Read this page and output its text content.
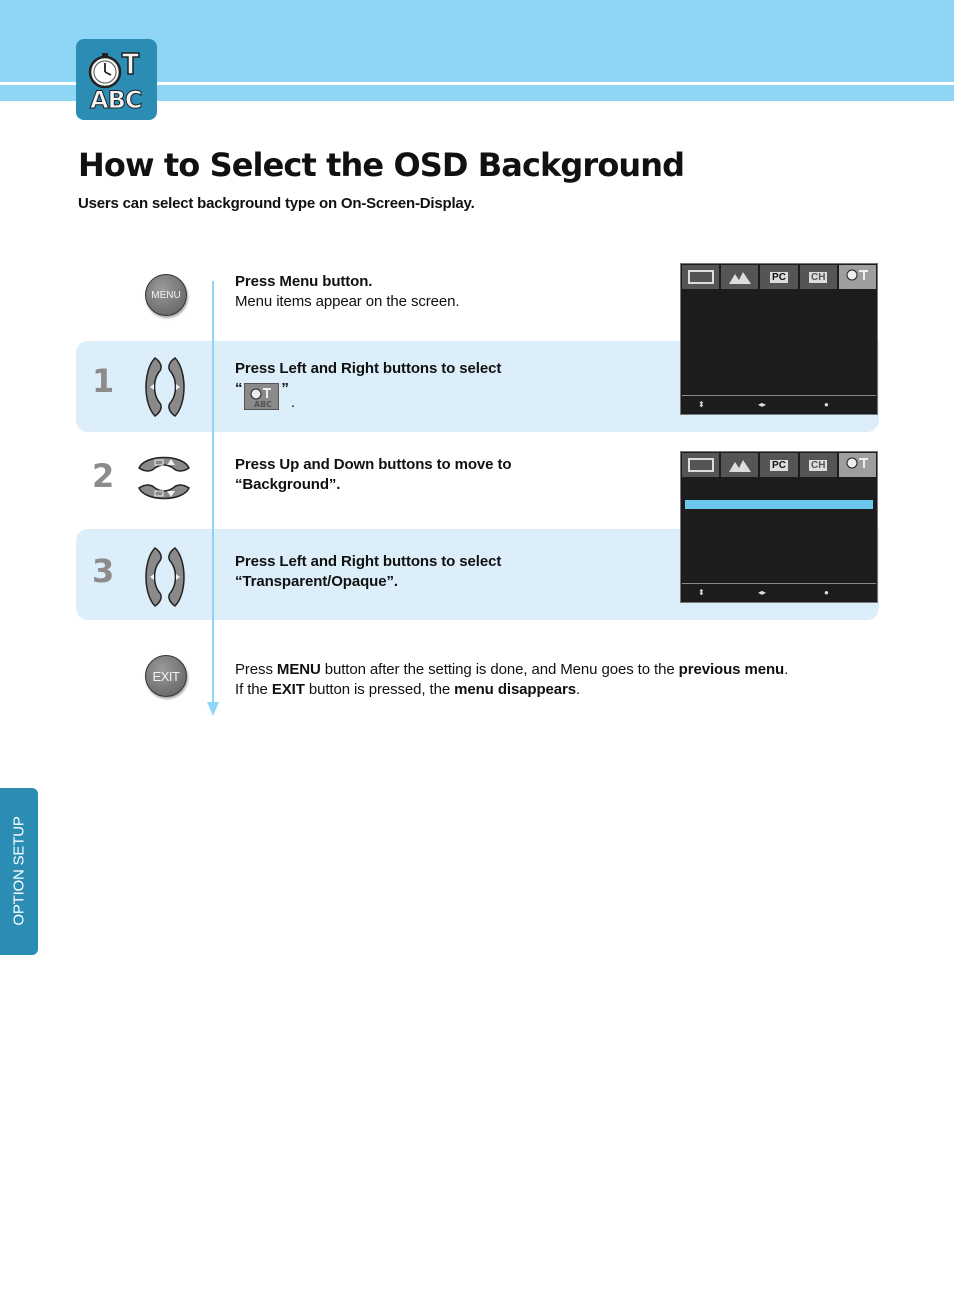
ABC
How to Select the OSD Background

Users can select background type on On-Screen-Display.

MENU
Press Menu button.
Menu items appear on the screen.
1	Press Left and Right buttons to select
“
ABC
”
.
PC	CH
⬍	◂▸	●
2	Press Up and Down buttons to move to
“Background”.
PC	CH
⬍	◂▸	●
3	Press Left and Right buttons to select
“Transparent/Opaque”.
EXIT	Press MENU button after the setting is done, and Menu goes to the previous menu.
If the EXIT button is pressed, the menu disappears.
OPTION SETUP
